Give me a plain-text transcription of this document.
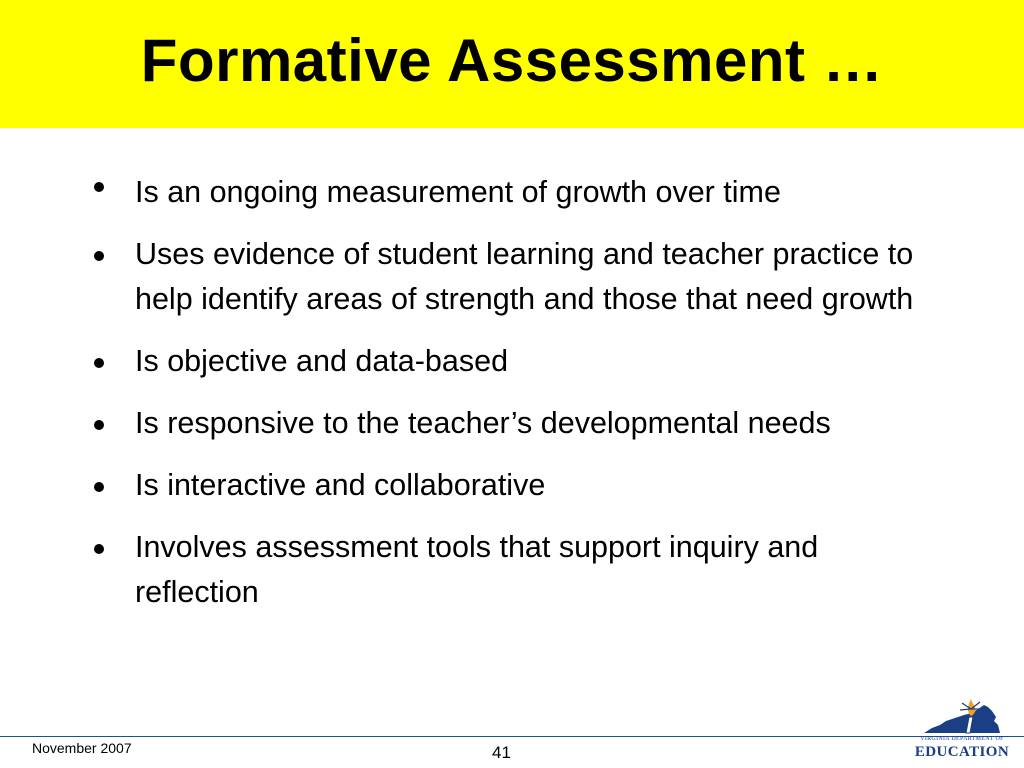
Formative Assessment …
Is an ongoing measurement of growth over time
Uses evidence of student learning and teacher practice to help identify areas of strength and those that need growth
Is objective and data-based
Is responsive to the teacher’s developmental needs
Is interactive and collaborative
Involves assessment tools that support inquiry and reflection
November 2007	41
VIRGINIA DEPARTMENT OF
EDUCATION
